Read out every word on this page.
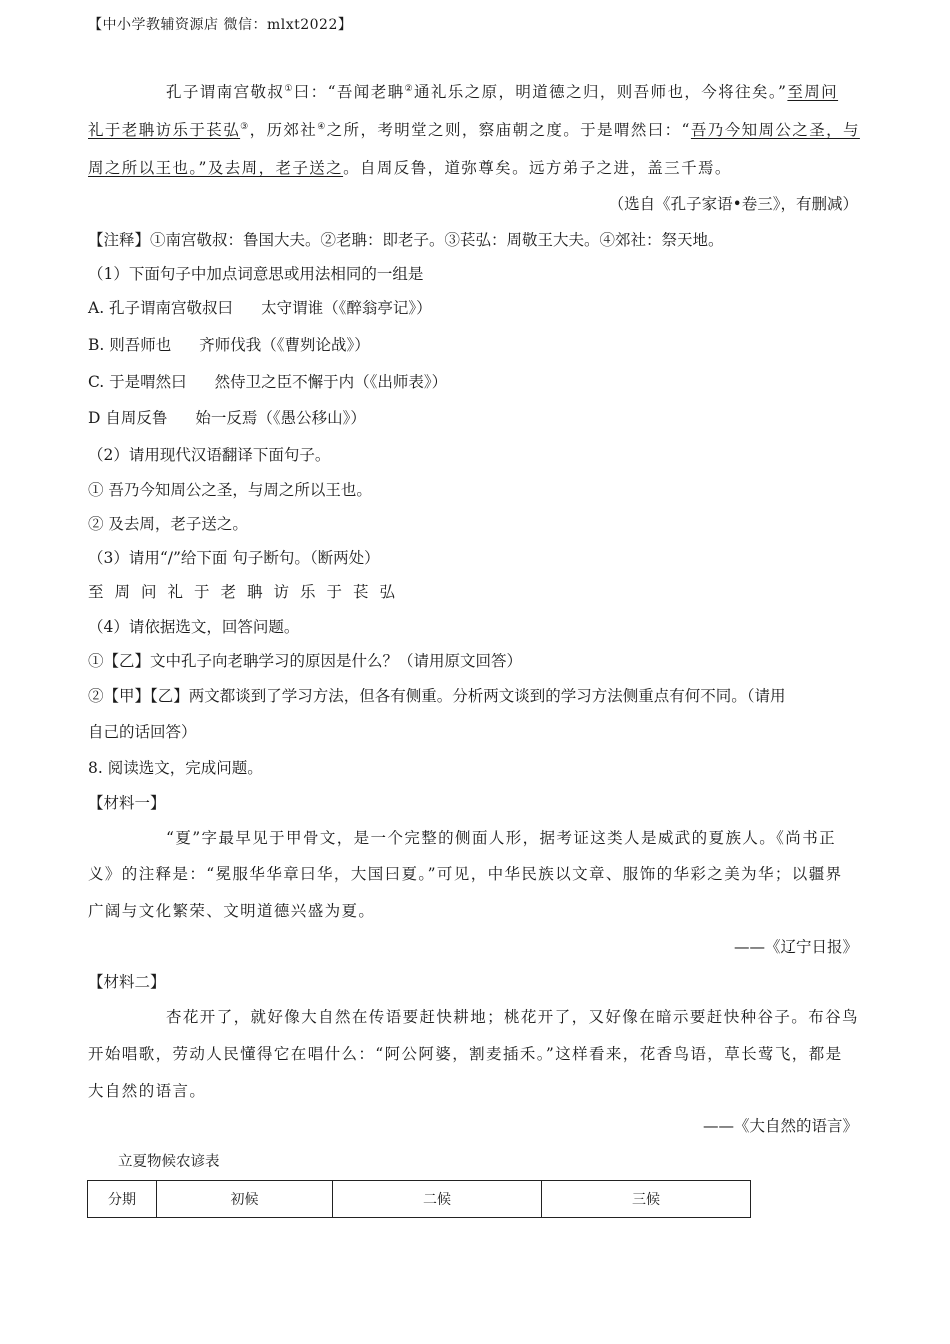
【中小学教辅资源店 微信：mlxt2022】
孔子谓南宫敬叔①曰：“吾闻老聃②通礼乐之原，明道德之归，则吾师也，今将往矣。”至周问
礼于老聃访乐于苌弘③，历郊社④之所，考明堂之则，察庙朝之度。于是喟然曰：“吾乃今知周公之圣，与
周之所以王也。”及去周，老子送之。自周反鲁，道弥尊矣。远方弟子之进，盖三千焉。
（选自《孔子家语•卷三》，有删减）
【注释】①南宫敬叔：鲁国大夫。②老聃：即老子。③苌弘：周敬王大夫。④郊社：祭天地。
（1）下面句子中加点词意思或用法相同的一组是
A. 孔子谓南宫敬叔曰 太守谓谁（《醉翁亭记》）
B. 则吾师也 齐师伐我（《曹刿论战》）
C. 于是喟然曰 然侍卫之臣不懈于内（《出师表》）
D 自周反鲁 始一反焉（《愚公移山》）
（2）请用现代汉语翻译下面句子。
① 吾乃今知周公之圣，与周之所以王也。
② 及去周，老子送之。
（3）请用“/”给下面 句子断句。（断两处）
至周问礼于老聃访乐于苌弘
（4）请依据选文，回答问题。
①【乙】文中孔子向老聃学习的原因是什么？（请用原文回答）
②【甲】【乙】两文都谈到了学习方法，但各有侧重。分析两文谈到的学习方法侧重点有何不同。（请用
自己的话回答）
8. 阅读选文，完成问题。
【材料一】
“夏”字最早见于甲骨文，是一个完整的侧面人形，据考证这类人是威武的夏族人。《尚书正
义》的注释是：“冕服华华章曰华，大国曰夏。”可见，中华民族以文章、服饰的华彩之美为华；以疆界
广阔与文化繁荣、文明道德兴盛为夏。
——《辽宁日报》
【材料二】
杏花开了，就好像大自然在传语要赶快耕地；桃花开了，又好像在暗示要赶快种谷子。布谷鸟
开始唱歌，劳动人民懂得它在唱什么：“阿公阿婆，割麦插禾。”这样看来，花香鸟语，草长莺飞，都是
大自然的语言。
——《大自然的语言》
立夏物候农谚表
分期	初候	二候	三候
